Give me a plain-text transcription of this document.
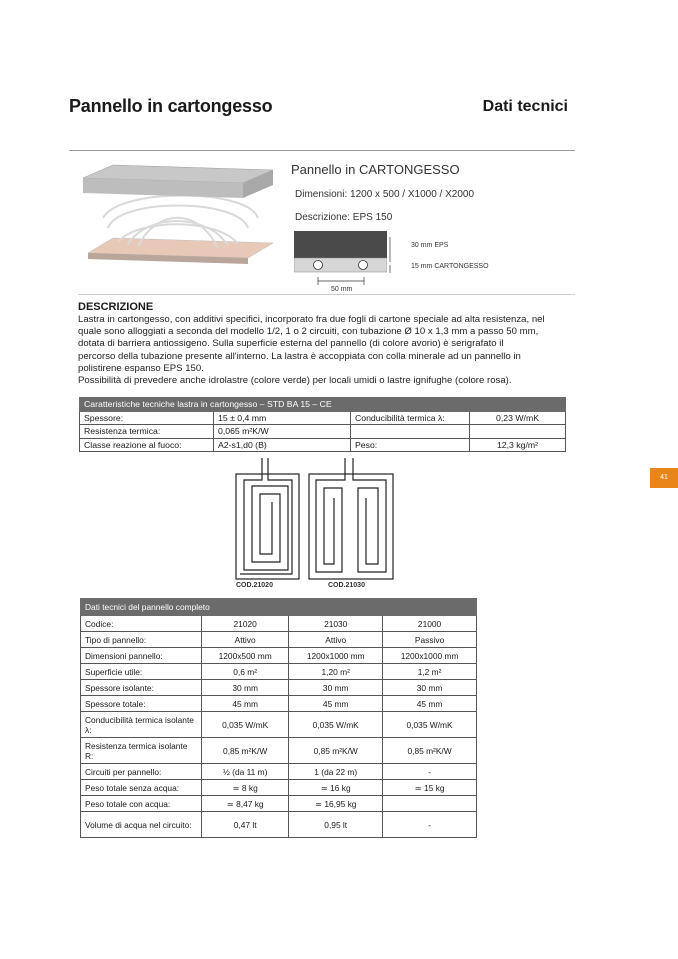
Pannello in cartongesso	Dati tecnici
Pannello in CARTONGESSO
Dimensioni: 1200 x 500 / X1000 / X2000
Descrizione: EPS 150
30 mm EPS
15 mm CARTONGESSO
50 mm
DESCRIZIONE
Lastra in cartongesso, con additivi specifici, incorporato fra due fogli di cartone speciale ad alta resistenza, nel
quale sono alloggiati a seconda del modello 1/2, 1 o 2 circuiti, con tubazione Ø 10 x 1,3 mm a passo 50 mm,
dotata di barriera antiossigeno. Sulla superficie esterna del pannello (di colore avorio) è serigrafato il
percorso della tubazione presente all'interno. La lastra è accoppiata con colla minerale ad un pannello in
polistirene espanso EPS 150.
Possibilità di prevedere anche idrolastre (colore verde) per locali umidi o lastre ignifughe (colore rosa).
Caratteristiche tecniche lastra in cartongesso – STD BA 15 – CE			
Spessore:	15 ± 0,4 mm	Conducibilità termica λ:	0,23 W/mK
Resistenza termica:	0,065 m²K/W		
Classe reazione al fuoco:	A2-s1,d0 (B)	Peso:	12,3 kg/m²
COD.21020	COD.21030
Dati tecnici del pannello completo			
Codice:	21020	21030	21000
Tipo di pannello:	Attivo	Attivo	Passivo
Dimensioni pannello:	1200x500 mm	1200x1000 mm	1200x1000 mm
Superficie utile:	0,6 m²	1,20 m²	1,2 m²
Spessore isolante:	30 mm	30 mm	30 mm
Spessore totale:	45 mm	45 mm	45 mm
Conducibilità termica isolante λ:	0,035 W/mK	0,035 W/mK	0,035 W/mK
Resistenza termica isolante R:	0,85 m²K/W	0,85 m²K/W	0,85 m²K/W
Circuiti per pannello:	½ (da 11 m)	1 (da 22 m)	-
Peso totale senza acqua:	≃ 8 kg	≃ 16 kg	≃ 15 kg
Peso totale con acqua:	≃ 8,47 kg	≃ 16,95 kg	
Volume di acqua nel circuito:	0,47 lt	0,95 lt	-
41
